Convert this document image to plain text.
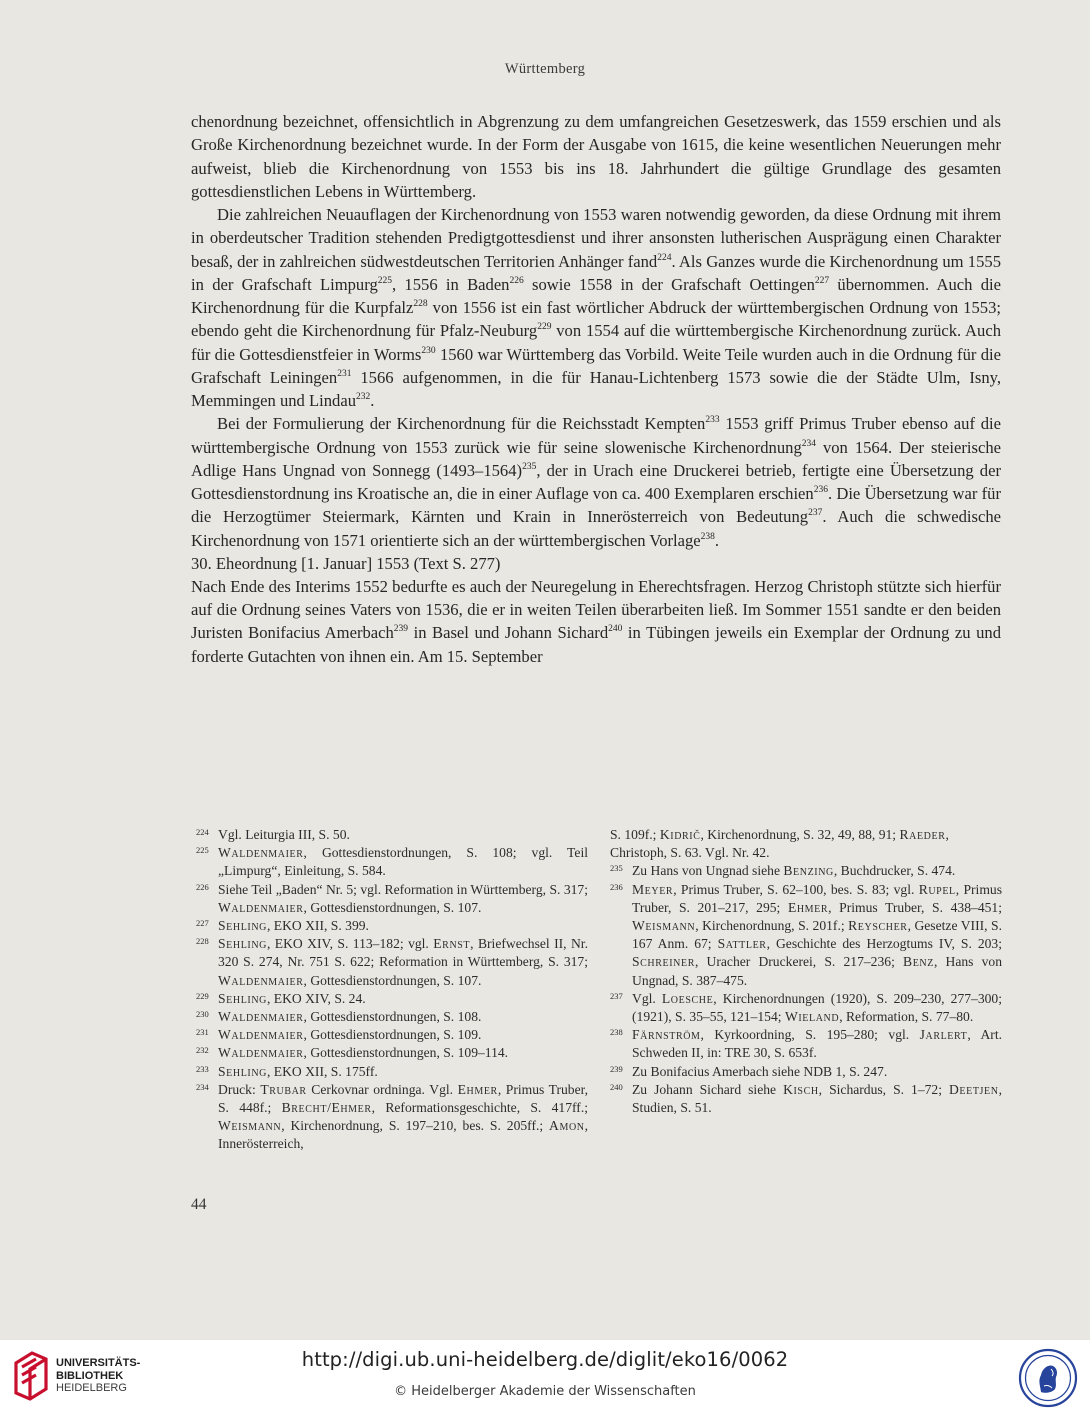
Württemberg

chenordnung bezeichnet, offensichtlich in Abgrenzung zu dem umfangreichen Gesetzeswerk, das 1559 erschien und als Große Kirchenordnung bezeichnet wurde. In der Form der Ausgabe von 1615, die keine wesentlichen Neuerungen mehr aufweist, blieb die Kirchenordnung von 1553 bis ins 18. Jahrhundert die gültige Grundlage des gesamten gottesdienstlichen Lebens in Württemberg.

Die zahlreichen Neuauflagen der Kirchenordnung von 1553 waren notwendig geworden, da diese Ordnung mit ihrem in oberdeutscher Tradition stehenden Predigtgottesdienst und ihrer ansonsten lutherischen Ausprägung einen Charakter besaß, der in zahlreichen südwestdeutschen Territorien Anhänger fand$^{224}$. Als Ganzes wurde die Kirchenordnung um 1555 in der Grafschaft Limpurg$^{225}$, 1556 in Baden$^{226}$ sowie 1558 in der Grafschaft Oettingen$^{227}$ übernommen. Auch die Kirchenordnung für die Kurpfalz$^{228}$ von 1556 ist ein fast wörtlicher Abdruck der württembergischen Ordnung von 1553; ebendo geht die Kirchenordnung für Pfalz-Neuburg$^{229}$ von 1554 auf die württembergische Kirchenordnung zurück. Auch für die Gottesdienstfeier in Worms$^{230}$ 1560 war Württemberg das Vorbild. Weite Teile wurden auch in die Ordnung für die Grafschaft Leiningen$^{231}$ 1566 aufgenommen, in die für Hanau-Lichtenberg 1573 sowie die der Städte Ulm, Isny, Memmingen und Lindau$^{232}$.

Bei der Formulierung der Kirchenordnung für die Reichsstadt Kempten$^{233}$ 1553 griff Primus Truber ebenso auf die württembergische Ordnung von 1553 zurück wie für seine slowenische Kirchenordnung$^{234}$ von 1564. Der steierische Adlige Hans Ungnad von Sonnegg (1493–1564)$^{235}$, der in Urach eine Druckerei betrieb, fertigte eine Übersetzung der Gottesdienstordnung ins Kroatische an, die in einer Auflage von ca. 400 Exemplaren erschien$^{236}$. Die Übersetzung war für die Herzogtümer Steiermark, Kärnten und Krain in Innerösterreich von Bedeutung$^{237}$. Auch die schwedische Kirchenordnung von 1571 orientierte sich an der württembergischen Vorlage$^{238}$.

30. Eheordnung [1. Januar] 1553 (Text S. 277)

Nach Ende des Interims 1552 bedurfte es auch der Neuregelung in Eherechtsfragen. Herzog Christoph stützte sich hierfür auf die Ordnung seines Vaters von 1536, die er in weiten Teilen überarbeiten ließ. Im Sommer 1551 sandte er den beiden Juristen Bonifacius Amerbach$^{239}$ in Basel und Johann Sichard$^{240}$ in Tübingen jeweils ein Exemplar der Ordnung zu und forderte Gutachten von ihnen ein. Am 15. September

224 Vgl. Leiturgia III, S. 50.
225 Waldenmaier, Gottesdienstordnungen, S. 108; vgl. Teil „Limpurg“, Einleitung, S. 584.
226 Siehe Teil „Baden“ Nr. 5; vgl. Reformation in Württemberg, S. 317; Waldenmaier, Gottesdienstordnungen, S. 107.
227 Sehling, EKO XII, S. 399.
228 Sehling, EKO XIV, S. 113–182; vgl. Ernst, Briefwechsel II, Nr. 320 S. 274, Nr. 751 S. 622; Reformation in Württemberg, S. 317; Waldenmaier, Gottesdienstordnungen, S. 107.
229 Sehling, EKO XIV, S. 24.
230 Waldenmaier, Gottesdienstordnungen, S. 108.
231 Waldenmaier, Gottesdienstordnungen, S. 109.
232 Waldenmaier, Gottesdienstordnungen, S. 109–114.
233 Sehling, EKO XII, S. 175ff.
234 Druck: Trubar Cerkovnar ordninga. Vgl. Ehmer, Primus Truber, S. 448f.; Brecht/Ehmer, Reformationsgeschichte, S. 417ff.; Weismann, Kirchenordnung, S. 197–210, bes. S. 205ff.; Amon, Innerösterreich,
S. 109f.; Kidrič, Kirchenordnung, S. 32, 49, 88, 91; Raeder, Christoph, S. 63. Vgl. Nr. 42.
235 Zu Hans von Ungnad siehe Benzing, Buchdrucker, S. 474.
236 Meyer, Primus Truber, S. 62–100, bes. S. 83; vgl. Rupel, Primus Truber, S. 201–217, 295; Ehmer, Primus Truber, S. 438–451; Weismann, Kirchenordnung, S. 201f.; Reyscher, Gesetze VIII, S. 167 Anm. 67; Sattler, Geschichte des Herzogtums IV, S. 203; Schreiner, Uracher Druckerei, S. 217–236; Benz, Hans von Ungnad, S. 387–475.
237 Vgl. Loesche, Kirchenordnungen (1920), S. 209–230, 277–300; (1921), S. 35–55, 121–154; Wieland, Reformation, S. 77–80.
238 Färnström, Kyrkoordning, S. 195–280; vgl. Jarlert, Art. Schweden II, in: TRE 30, S. 653f.
239 Zu Bonifacius Amerbach siehe NDB 1, S. 247.
240 Zu Johann Sichard siehe Kisch, Sichardus, S. 1–72; Deetjen, Studien, S. 51.
44
UNIVERSITÄTS-
BIBLIOTHEK
HEIDELBERG
http://digi.ub.uni-heidelberg.de/diglit/eko16/0062
© Heidelberger Akademie der Wissenschaften
